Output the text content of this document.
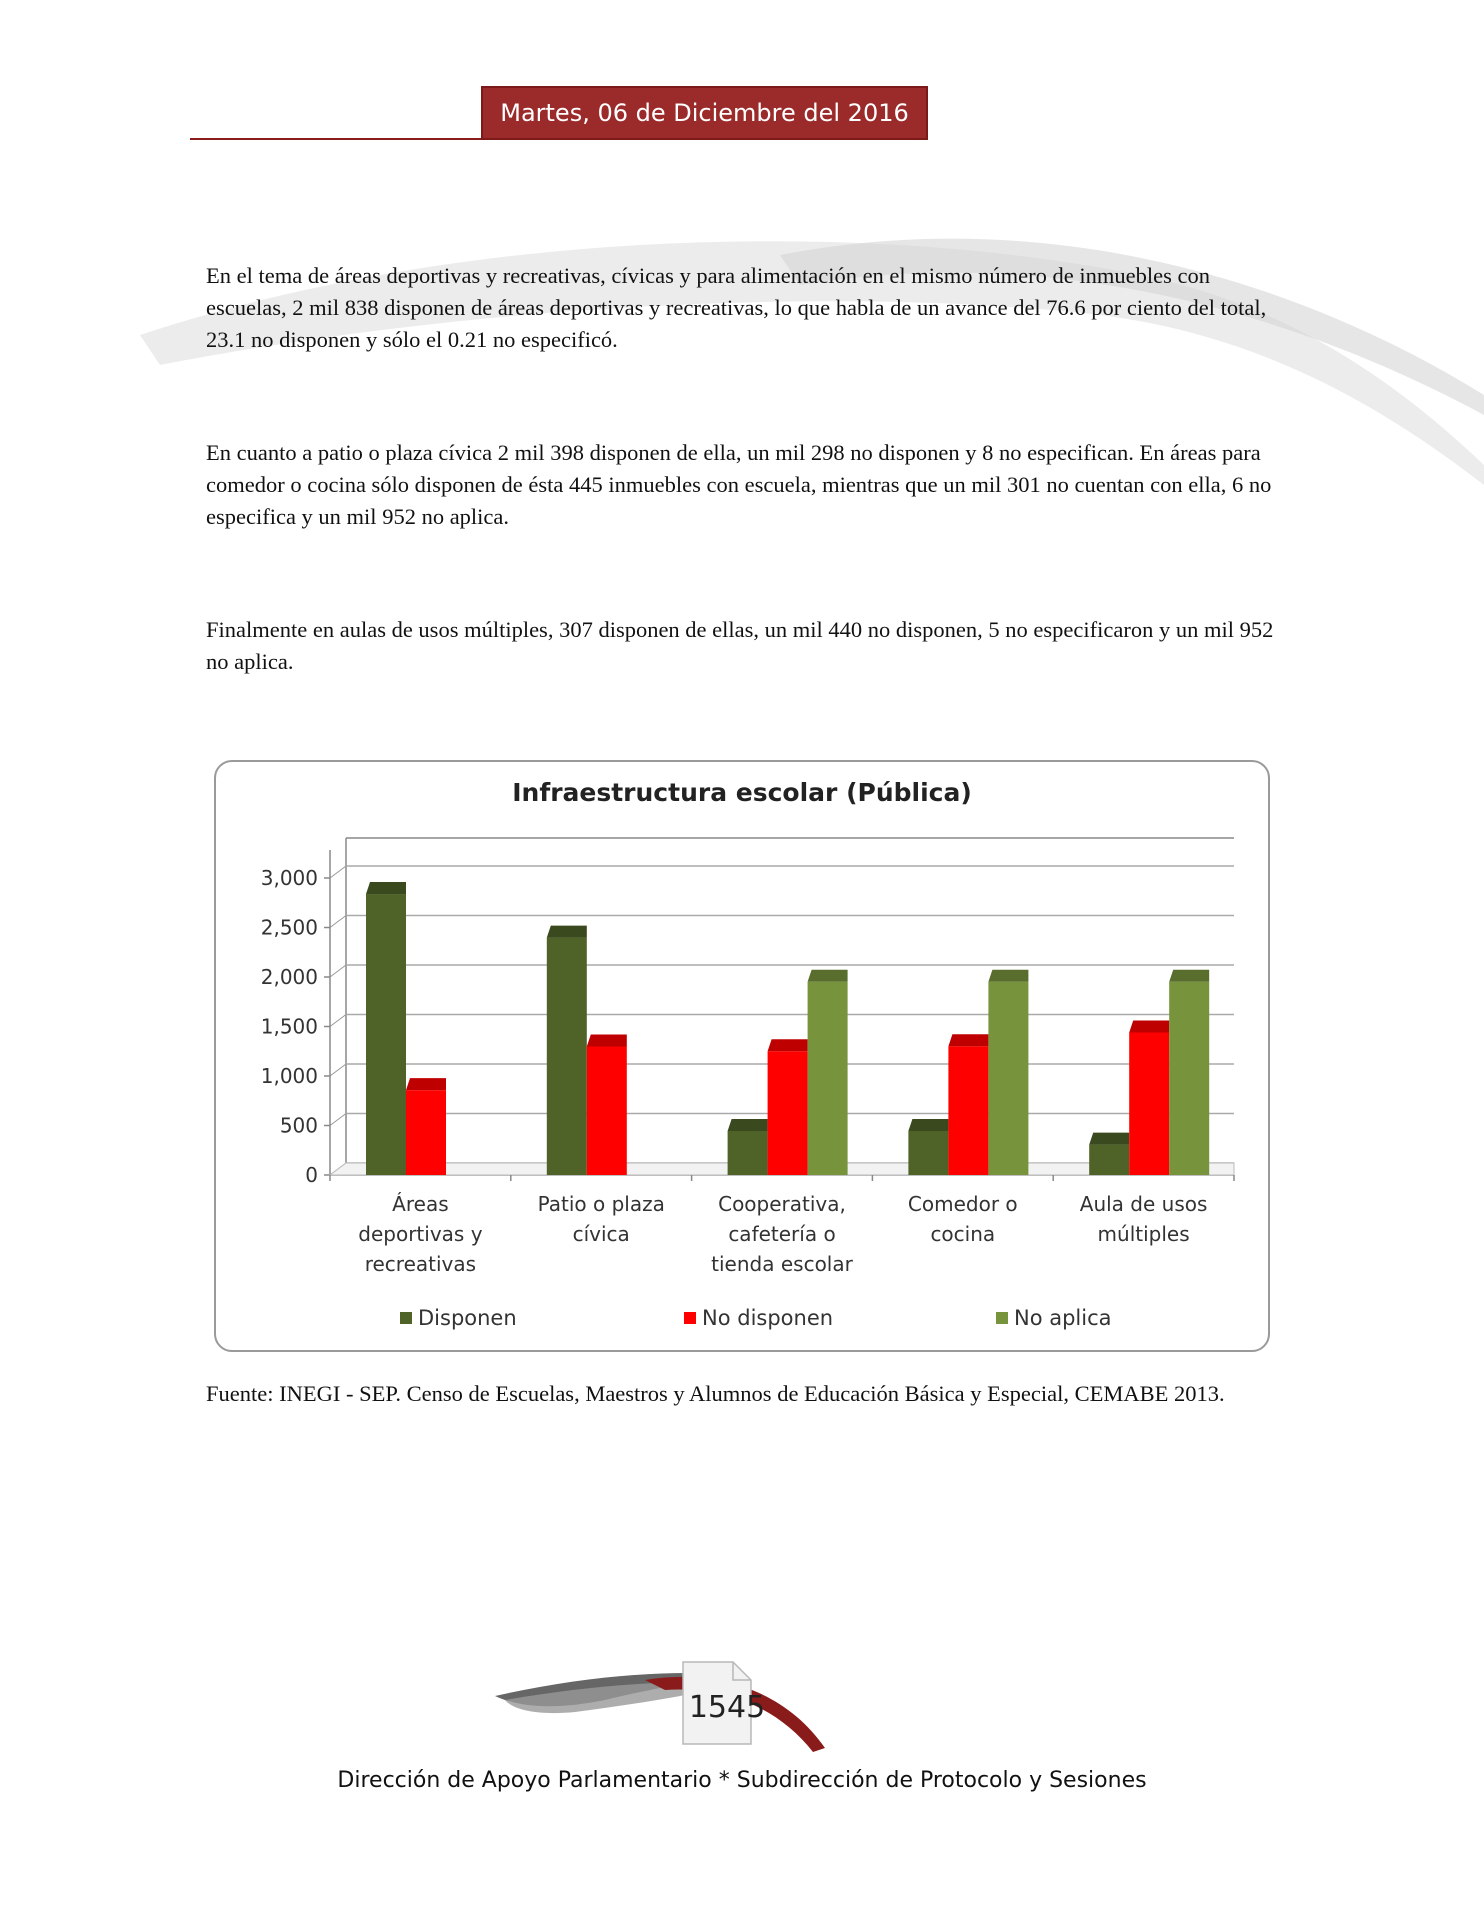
Martes, 06 de Diciembre del 2016
En el tema de áreas deportivas y recreativas, cívicas y para alimentación en el mismo número de inmuebles con escuelas, 2 mil 838 disponen de áreas deportivas y recreativas, lo que habla de un avance del 76.6 por ciento del total, 23.1 no disponen y sólo el 0.21 no especificó.
En cuanto a patio o plaza cívica 2 mil 398 disponen de ella, un mil 298 no disponen y 8 no especifican. En áreas para comedor o cocina sólo disponen de ésta 445 inmuebles con escuela, mientras que un mil 301 no cuentan con ella, 6 no especifica y un mil 952 no aplica.
Finalmente en aulas de usos múltiples, 307 disponen de ellas, un mil 440 no disponen, 5 no especificaron y un mil 952 no aplica.
Infraestructura escolar (Pública)
0
500
1,000
1,500
2,000
2,500
3,000
Áreas
deportivas y
recreativas
Patio o plaza
cívica
Cooperativa,
cafetería o
tienda escolar
Comedor o
cocina
Aula de usos
múltiples
Disponen	No disponen	No aplica
Fuente: INEGI - SEP. Censo de Escuelas, Maestros y Alumnos de Educación Básica y Especial, CEMABE 2013.
1545
Dirección de Apoyo Parlamentario * Subdirección de Protocolo y Sesiones
